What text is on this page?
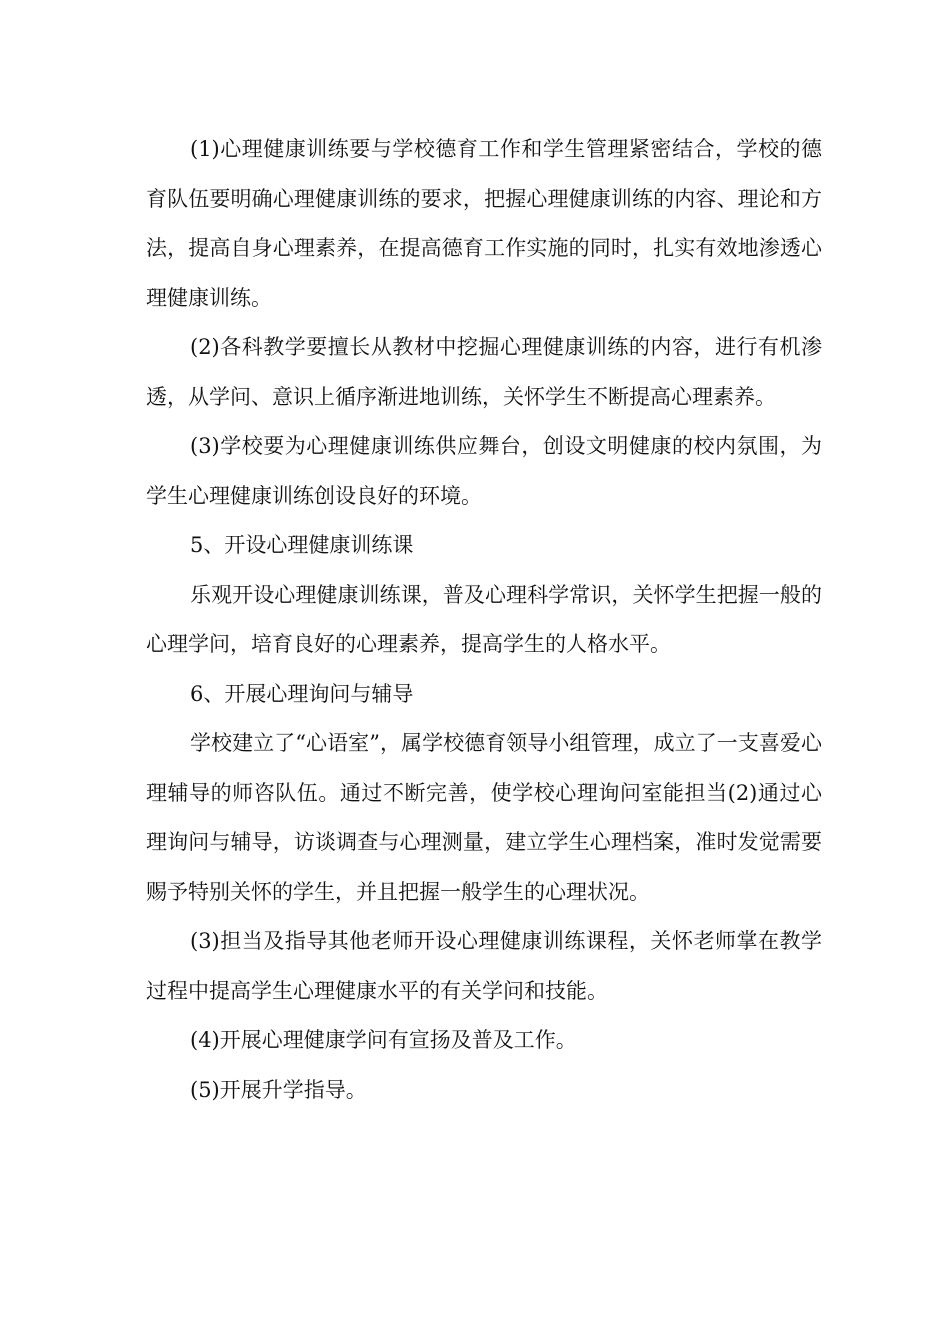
(1)心理健康训练要与学校德育工作和学生管理紧密结合，学校的德育队伍要明确心理健康训练的要求，把握心理健康训练的内容、理论和方法，提高自身心理素养，在提高德育工作实施的同时，扎实有效地渗透心理健康训练。

(2)各科教学要擅长从教材中挖掘心理健康训练的内容，进行有机渗透，从学问、意识上循序渐进地训练，关怀学生不断提高心理素养。

(3)学校要为心理健康训练供应舞台，创设文明健康的校内氛围，为学生心理健康训练创设良好的环境。

5、开设心理健康训练课

乐观开设心理健康训练课，普及心理科学常识，关怀学生把握一般的心理学问，培育良好的心理素养，提高学生的人格水平。

6、开展心理询问与辅导

学校建立了“心语室”，属学校德育领导小组管理，成立了一支喜爱心理辅导的师咨队伍。通过不断完善，使学校心理询问室能担当(2)通过心理询问与辅导，访谈调查与心理测量，建立学生心理档案，准时发觉需要赐予特别关怀的学生，并且把握一般学生的心理状况。

(3)担当及指导其他老师开设心理健康训练课程，关怀老师掌在教学过程中提高学生心理健康水平的有关学问和技能。

(4)开展心理健康学问有宣扬及普及工作。

(5)开展升学指导。
